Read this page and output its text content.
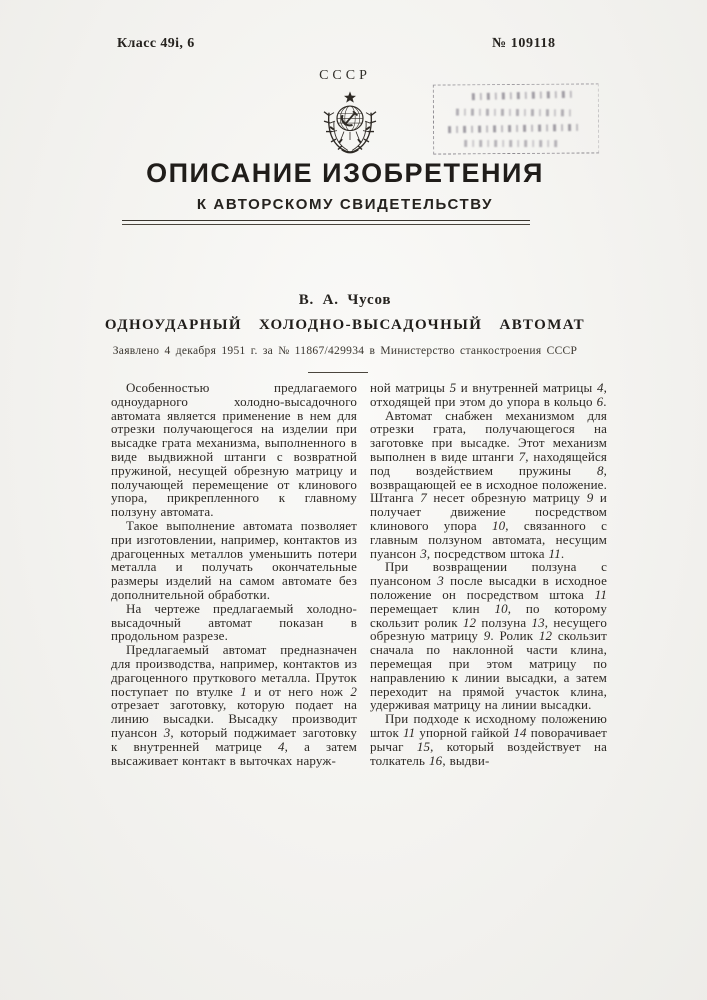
Класс 49i, 6	№ 109118
СССР
ОПИСАНИЕ ИЗОБРЕТЕНИЯ
К АВТОРСКОМУ СВИДЕТЕЛЬСТВУ
В. А. Чусов
ОДНОУДАРНЫЙ ХОЛОДНО-ВЫСАДОЧНЫЙ АВТОМАТ
Заявлено 4 декабря 1951 г. за № 11867/429934 в Министерство станкостроения СССР

Особенностью предлагаемого одноударного холодно-высадочного автомата является применение в нем для отрезки получающегося на изделии при высадке грата механизма, выполненного в виде выдвижной штанги с возвратной пружиной, несущей обрезную матрицу и получающей перемещение от клинового упора, прикрепленного к главному ползуну автомата.

Такое выполнение автомата позволяет при изготовлении, например, контактов из драгоценных металлов уменьшить потери металла и получать окончательные размеры изделий на самом автомате без дополнительной обработки.

На чертеже предлагаемый холодно-высадочный автомат показан в продольном разрезе.

Предлагаемый автомат предназначен для производства, например, контактов из драгоценного пруткового металла. Пруток поступает по втулке 1 и от него нож 2 отрезает заготовку, которую подает на линию высадки. Высадку производит пуансон 3, который поджимает заготовку к внутренней матрице 4, а затем высаживает контакт в выточках наруж-

ной матрицы 5 и внутренней матрицы 4, отходящей при этом до упора в кольцо 6.

Автомат снабжен механизмом для отрезки грата, получающегося на заготовке при высадке. Этот механизм выполнен в виде штанги 7, находящейся под воздействием пружины 8, возвращающей ее в исходное положение. Штанга 7 несет обрезную матрицу 9 и получает движение посредством клинового упора 10, связанного с главным ползуном автомата, несущим пуансон 3, посредством штока 11.

При возвращении ползуна с пуансоном 3 после высадки в исходное положение он посредством штока 11 перемещает клин 10, по которому скользит ролик 12 ползуна 13, несущего обрезную матрицу 9. Ролик 12 скользит сначала по наклонной части клина, перемещая при этом матрицу по направлению к линии высадки, а затем переходит на прямой участок клина, удерживая матрицу на линии высадки.

При подходе к исходному положению шток 11 упорной гайкой 14 поворачивает рычаг 15, который воздействует на толкатель 16, выдви-
